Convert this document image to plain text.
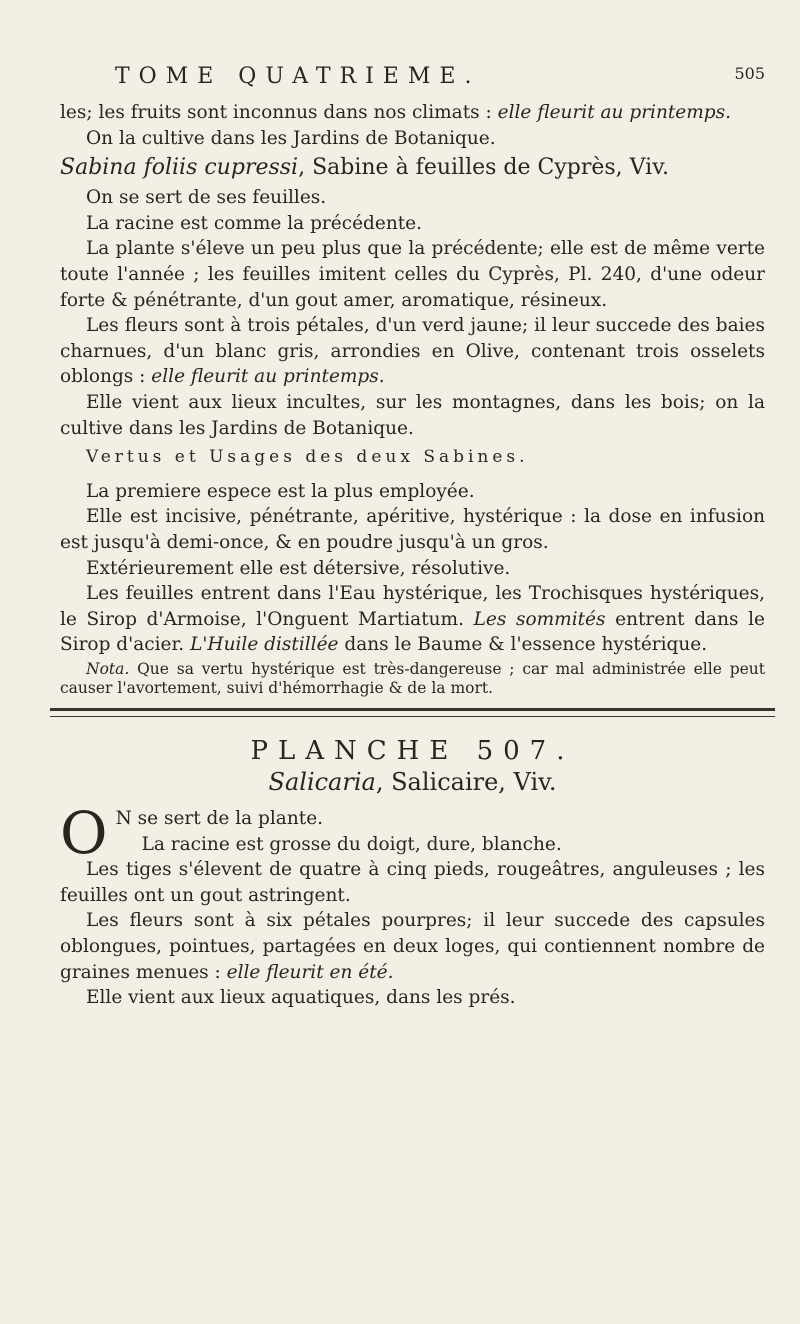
TOME QUATRIEME.	505

les; les fruits sont inconnus dans nos climats : elle fleurit au printemps.

On la cultive dans les Jardins de Botanique.

Sabina foliis cupressi, Sabine à feuilles de Cyprès, Viv.

On se sert de ses feuilles.

La racine est comme la précédente.

La plante s'éleve un peu plus que la précédente; elle est de même verte toute l'année ; les feuilles imitent celles du Cyprès, Pl. 240, d'une odeur forte & pénétrante, d'un gout amer, aromatique, résineux.

Les fleurs sont à trois pétales, d'un verd jaune; il leur succede des baies charnues, d'un blanc gris, arrondies en Olive, contenant trois osselets oblongs : elle fleurit au printemps.

Elle vient aux lieux incultes, sur les montagnes, dans les bois; on la cultive dans les Jardins de Botanique.

Vertus et Usages des deux Sabines.

La premiere espece est la plus employée.

Elle est incisive, pénétrante, apéritive, hystérique : la dose en infusion est jusqu'à demi-once, & en poudre jusqu'à un gros.

Extérieurement elle est détersive, résolutive.

Les feuilles entrent dans l'Eau hystérique, les Trochisques hystériques, le Sirop d'Armoise, l'Onguent Martiatum. Les sommités entrent dans le Sirop d'acier. L'Huile distillée dans le Baume & l'essence hystérique.

Nota. Que sa vertu hystérique est très-dangereuse ; car mal administrée elle peut causer l'avortement, suivi d'hémorrhagie & de la mort.

PLANCHE 507.

Salicaria, Salicaire, Viv.

O N se sert de la plante.

La racine est grosse du doigt, dure, blanche.

Les tiges s'élevent de quatre à cinq pieds, rougeâtres, anguleuses ; les feuilles ont un gout astringent.

Les fleurs sont à six pétales pourpres; il leur succede des capsules oblongues, pointues, partagées en deux loges, qui contiennent nombre de graines menues : elle fleurit en été.

Elle vient aux lieux aquatiques, dans les prés.
